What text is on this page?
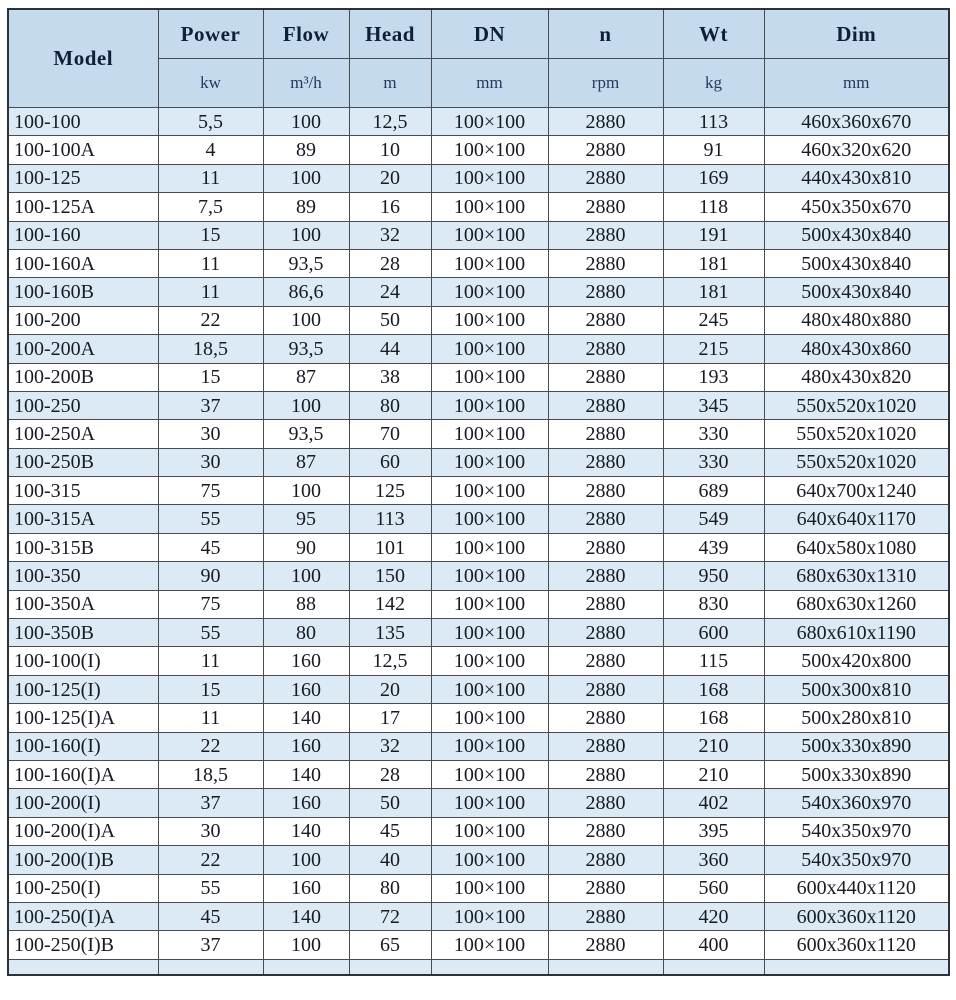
Model	Power	Flow	Head	DN	n	Wt	Dim
	kw	m³/h	m	mm	rpm	kg	mm
100-100	5,5	100	12,5	100×100	2880	113	460x360x670
100-100A	4	89	10	100×100	2880	91	460x320x620
100-125	11	100	20	100×100	2880	169	440x430x810
100-125A	7,5	89	16	100×100	2880	118	450x350x670
100-160	15	100	32	100×100	2880	191	500x430x840
100-160A	11	93,5	28	100×100	2880	181	500x430x840
100-160B	11	86,6	24	100×100	2880	181	500x430x840
100-200	22	100	50	100×100	2880	245	480x480x880
100-200A	18,5	93,5	44	100×100	2880	215	480x430x860
100-200B	15	87	38	100×100	2880	193	480x430x820
100-250	37	100	80	100×100	2880	345	550x520x1020
100-250A	30	93,5	70	100×100	2880	330	550x520x1020
100-250B	30	87	60	100×100	2880	330	550x520x1020
100-315	75	100	125	100×100	2880	689	640x700x1240
100-315A	55	95	113	100×100	2880	549	640x640x1170
100-315B	45	90	101	100×100	2880	439	640x580x1080
100-350	90	100	150	100×100	2880	950	680x630x1310
100-350A	75	88	142	100×100	2880	830	680x630x1260
100-350B	55	80	135	100×100	2880	600	680x610x1190
100-100(I)	11	160	12,5	100×100	2880	115	500x420x800
100-125(I)	15	160	20	100×100	2880	168	500x300x810
100-125(I)A	11	140	17	100×100	2880	168	500x280x810
100-160(I)	22	160	32	100×100	2880	210	500x330x890
100-160(I)A	18,5	140	28	100×100	2880	210	500x330x890
100-200(I)	37	160	50	100×100	2880	402	540x360x970
100-200(I)A	30	140	45	100×100	2880	395	540x350x970
100-200(I)B	22	100	40	100×100	2880	360	540x350x970
100-250(I)	55	160	80	100×100	2880	560	600x440x1120
100-250(I)A	45	140	72	100×100	2880	420	600x360x1120
100-250(I)B	37	100	65	100×100	2880	400	600x360x1120
